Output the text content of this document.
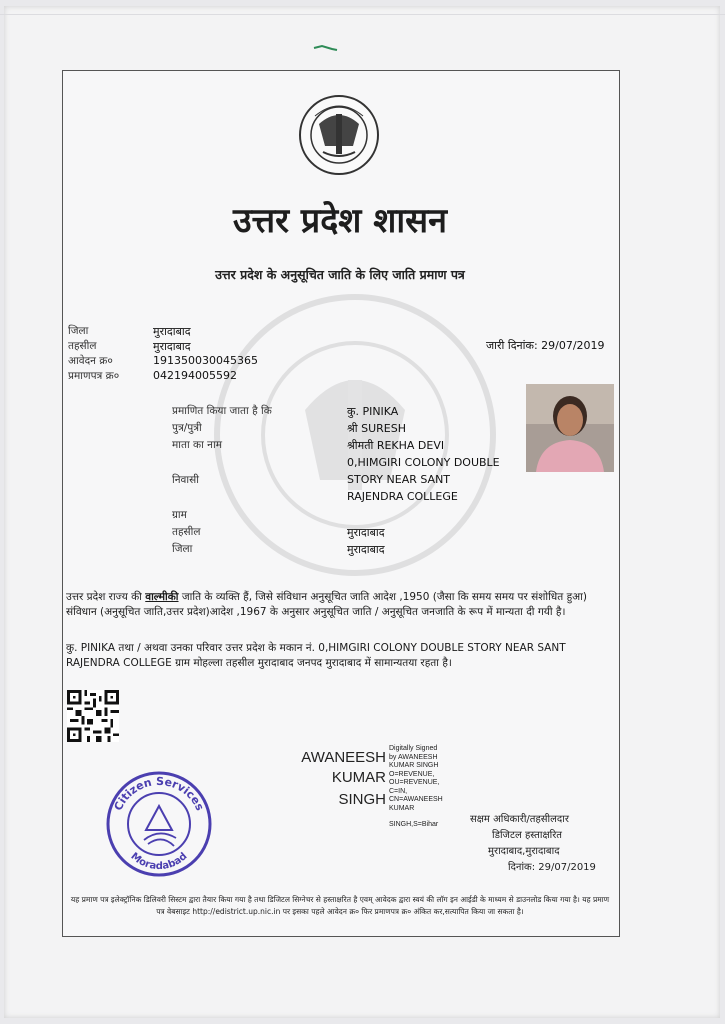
उत्तर प्रदेश शासन
उत्तर प्रदेश के अनुसूचित जाति के लिए जाति प्रमाण पत्र
जिला
तहसील
आवेदन क्र०
प्रमाणपत्र क्र०
मुरादाबाद
मुरादाबाद
191350030045365
042194005592
जारी दिनांक: 29/07/2019
प्रमाणित किया जाता है कि
पुत्र/पुत्री
माता का नाम
निवासी
ग्राम
तहसील
जिला
कु. PINIKA
श्री SURESH
श्रीमती REKHA DEVI
0,HIMGIRI COLONY DOUBLE
STORY NEAR SANT
RAJENDRA COLLEGE
मुरादाबाद
मुरादाबाद
उत्तर प्रदेश राज्य की वाल्मीकी जाति के व्यक्ति हैं, जिसे संविधान अनुसूचित जाति आदेश ,1950 (जैसा कि समय समय पर संशोधित हुआ) संविधान (अनुसूचित जाति,उत्तर प्रदेश)आदेश ,1967 के अनुसार अनुसूचित जाति / अनुसूचित जनजाति के रूप में मान्यता दी गयी है।
कु. PINIKA तथा / अथवा उनका परिवार उत्तर प्रदेश के मकान नं. 0,HIMGIRI COLONY DOUBLE STORY NEAR SANT RAJENDRA COLLEGE ग्राम मोहल्ला तहसील मुरादाबाद जनपद मुरादाबाद में सामान्यतया रहता है।
Citizen Services
Moradabad
AWANEESH
KUMAR
SINGH
Digitally Signed
by AWANEESH
KUMAR SINGH
O=REVENUE,
OU=REVENUE,
C=IN,
CN=AWANEESH
KUMAR
SINGH,S=Bihar	सक्षम अधिकारी/तहसीलदार
डिजिटल हस्ताक्षरित
मुरादाबाद,मुरादाबाद
दिनांक: 29/07/2019
यह प्रमाण पत्र इलेक्ट्रॉनिक डिलिवरी सिस्टम द्वारा तैयार किया गया है तथा डिजिटल सिग्नेचर से हस्ताक्षरित है एवम् आवेदक द्वारा स्वयं की लॉग इन आईडी के माध्यम से डाउनलोड किया गया है। यह प्रमाण पत्र वेबसाइट http://edistrict.up.nic.in पर इसका पहले आवेदन क्र० फिर प्रमाणपत्र क्र० अंकित कर,सत्यापित किया जा सकता है।
